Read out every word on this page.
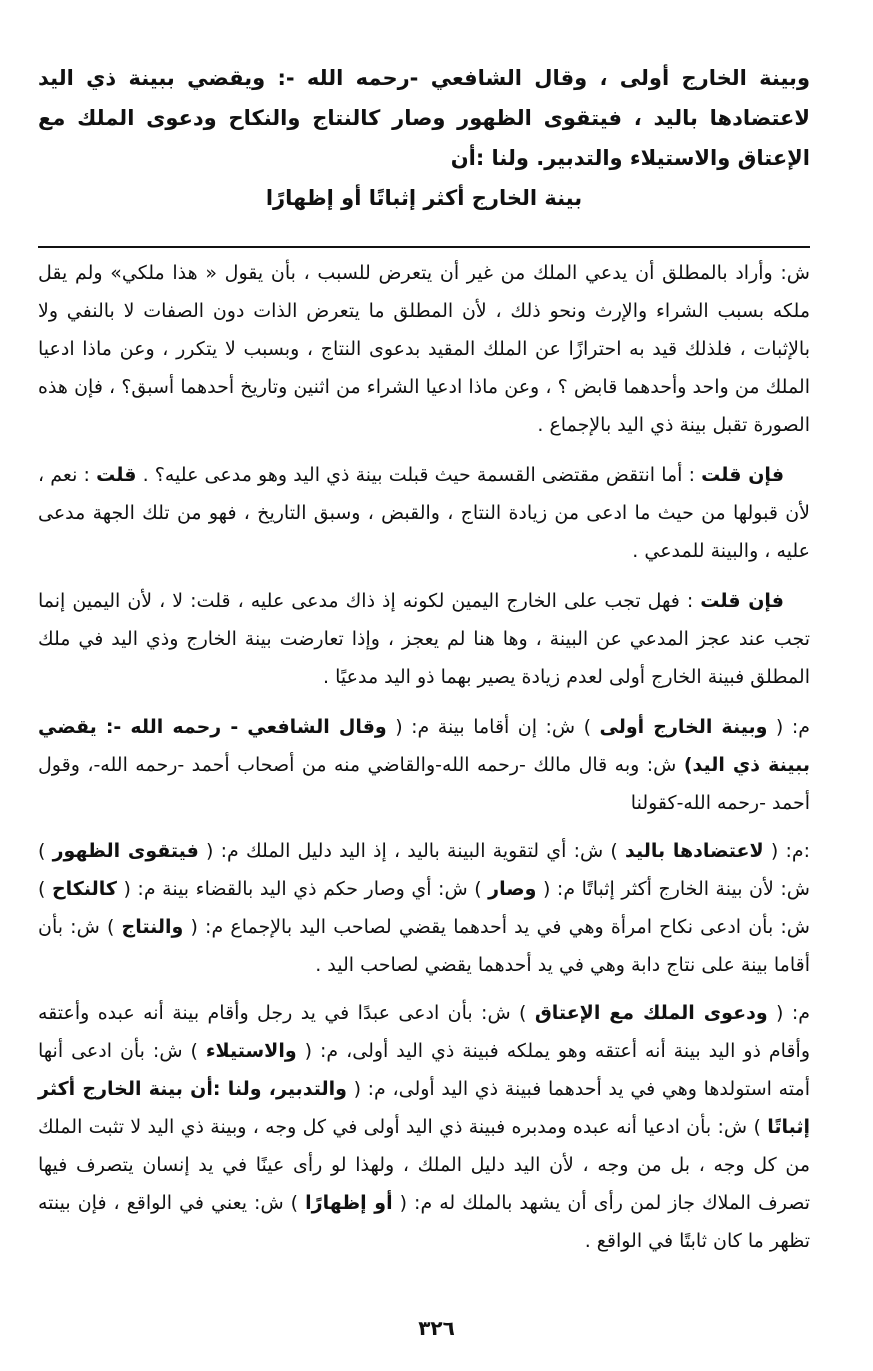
وبينة الخارج أولى ، وقال الشافعي -رحمه الله -: ويقضي ببينة ذي اليد لاعتضادها باليد ، فيتقوى الظهور وصار كالنتاج والنكاح ودعوى الملك مع الإعتاق والاستيلاء والتدبير. ولنا :أن
بينة الخارج أكثر إثباتًا أو إظهارًا

ش: وأراد بالمطلق أن يدعي الملك من غير أن يتعرض للسبب ، بأن يقول « هذا ملكي» ولم يقل ملكه بسبب الشراء والإرث ونحو ذلك ، لأن المطلق ما يتعرض الذات دون الصفات لا بالنفي ولا بالإثبات ، فلذلك قيد به احترازًا عن الملك المقيد بدعوى النتاج ، وبسبب لا يتكرر ، وعن ماذا ادعيا الملك من واحد وأحدهما قابض ؟ ، وعن ماذا ادعيا الشراء من اثنين وتاريخ أحدهما أسبق؟ ، فإن هذه الصورة تقبل بينة ذي اليد بالإجماع .

فإن قلت : أما انتقض مقتضى القسمة حيث قبلت بينة ذي اليد وهو مدعى عليه؟ . قلت : نعم ، لأن قبولها من حيث ما ادعى من زيادة النتاج ، والقبض ، وسبق التاريخ ، فهو من تلك الجهة مدعى عليه ، والبينة للمدعي .

فإن قلت : فهل تجب على الخارج اليمين لكونه إذ ذاك مدعى عليه ، قلت: لا ، لأن اليمين إنما تجب عند عجز المدعي عن البينة ، وها هنا لم يعجز ، وإذا تعارضت بينة الخارج وذي اليد في ملك المطلق فبينة الخارج أولى لعدم زيادة يصير بهما ذو اليد مدعيًا .

م: ( وبينة الخارج أولى ) ش: إن أقاما بينة م: ( وقال الشافعي - رحمه الله -: يقضي ببينة ذي اليد) ش: وبه قال مالك -رحمه الله-والقاضي منه من أصحاب أحمد -رحمه الله-، وقول أحمد -رحمه الله-كقولنا

:م: ( لاعتضادها باليد ) ش: أي لتقوية البينة باليد ، إذ اليد دليل الملك م: ( فيتقوى الظهور ) ش: لأن بينة الخارج أكثر إثباتًا م: ( وصار ) ش: أي وصار حكم ذي اليد بالقضاء بينة م: ( كالنكاح ) ش: بأن ادعى نكاح امرأة وهي في يد أحدهما يقضي لصاحب اليد بالإجماع م: ( والنتاج ) ش: بأن أقاما بينة على نتاج دابة وهي في يد أحدهما يقضي لصاحب اليد .

م: ( ودعوى الملك مع الإعتاق ) ش: بأن ادعى عبدًا في يد رجل وأقام بينة أنه عبده وأعتقه وأقام ذو اليد بينة أنه أعتقه وهو يملكه فبينة ذي اليد أولى، م: ( والاستيلاء ) ش: بأن ادعى أنها أمته استولدها وهي في يد أحدهما فبينة ذي اليد أولى، م: ( والتدبير، ولنا :أن بينة الخارج أكثر إثباتًا ) ش: بأن ادعيا أنه عبده ومدبره فبينة ذي اليد أولى في كل وجه ، وبينة ذي اليد لا تثبت الملك من كل وجه ، بل من وجه ، لأن اليد دليل الملك ، ولهذا لو رأى عينًا في يد إنسان يتصرف فيها تصرف الملاك جاز لمن رأى أن يشهد بالملك له م: ( أو إظهارًا ) ش: يعني في الواقع ، فإن بينته تظهر ما كان ثابتًا في الواقع .

٣٢٦
